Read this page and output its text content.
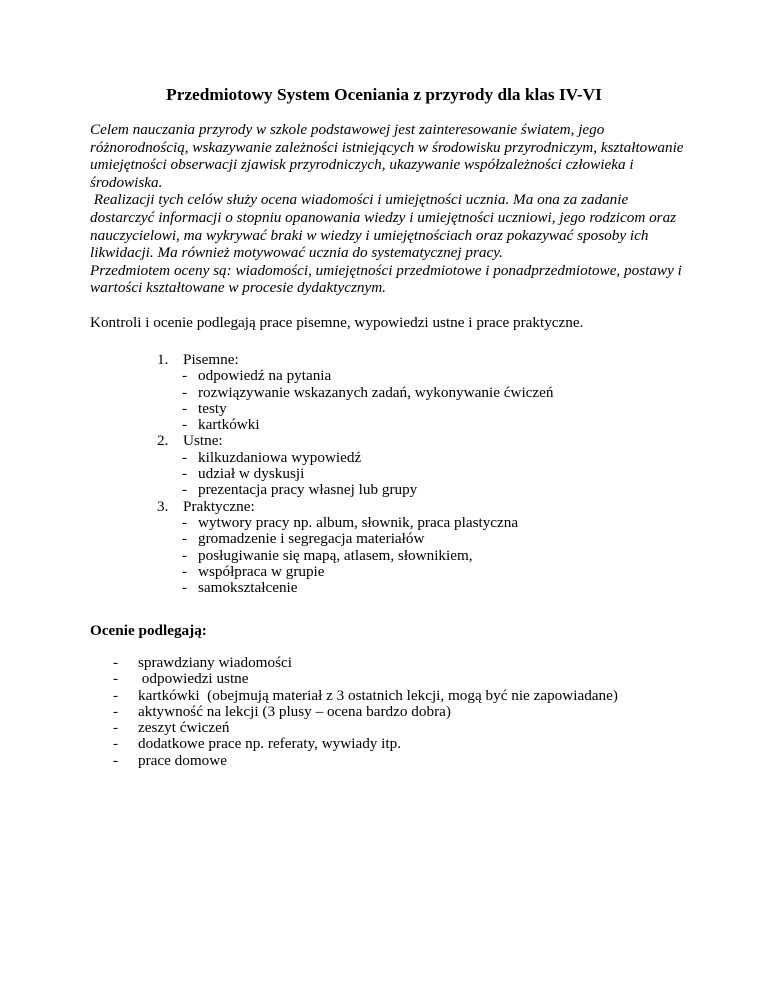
Przedmiotowy System Oceniania z przyrody dla klas IV-VI

Celem nauczania przyrody w szkole podstawowej jest zainteresowanie światem, jego różnorodnością, wskazywanie zależności istniejących w środowisku przyrodniczym, kształtowanie umiejętności obserwacji zjawisk przyrodniczych, ukazywanie współzależności człowieka i środowiska.

Realizacji tych celów służy ocena wiadomości i umiejętności ucznia. Ma ona za zadanie dostarczyć informacji o stopniu opanowania wiedzy i umiejętności uczniowi, jego rodzicom oraz nauczycielowi, ma wykrywać braki w wiedzy i umiejętnościach oraz pokazywać sposoby ich likwidacji. Ma również motywować ucznia do systematycznej pracy.

Przedmiotem oceny są: wiadomości, umiejętności przedmiotowe i ponadprzedmiotowe, postawy i wartości kształtowane w procesie dydaktycznym.

Kontroli i ocenie podlegają prace pisemne, wypowiedzi ustne i prace praktyczne.

1. Pisemne:
- odpowiedź na pytania
- rozwiązywanie wskazanych zadań, wykonywanie ćwiczeń
- testy
- kartkówki
2. Ustne:
- kilkuzdaniowa wypowiedź
- udział w dyskusji
- prezentacja pracy własnej lub grupy
3. Praktyczne:
- wytwory pracy np. album, słownik, praca plastyczna
- gromadzenie i segregacja materiałów
- posługiwanie się mapą, atlasem, słownikiem,
- współpraca w grupie
- samokształcenie

Ocenie podlegają:

-	sprawdziany wiadomości
-	odpowiedzi ustne
-	kartkówki  (obejmują materiał z 3 ostatnich lekcji, mogą być nie zapowiadane)
-	aktywność na lekcji (3 plusy – ocena bardzo dobra)
-	zeszyt ćwiczeń
-	dodatkowe prace np. referaty, wywiady itp.
-	prace domowe
